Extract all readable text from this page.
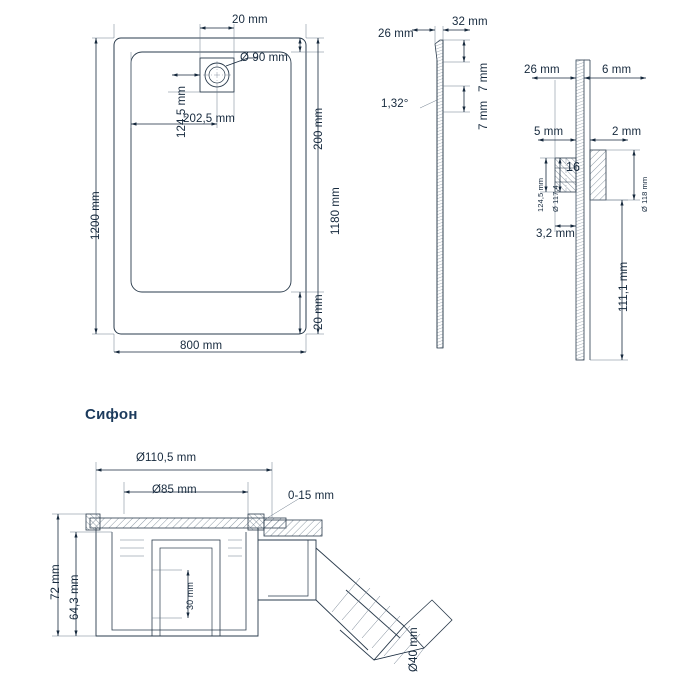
20 mm
Ø 90 mm
124,5 mm
202,5 mm
1200 mm	1180 mm
200 mm
20 mm
800 mm
26 mm
32 mm
7 mm
7 mm
1,32°
26 mm	6 mm
5 mm	2 mm
16
124,5 mm Ø 117,4	Ø 118 mm
3,2 mm
111,1 mm
Сифон
Ø110,5 mm
Ø85 mm	0-15 mm
72 mm 64,3 mm	30 mm
Ø40 mm
